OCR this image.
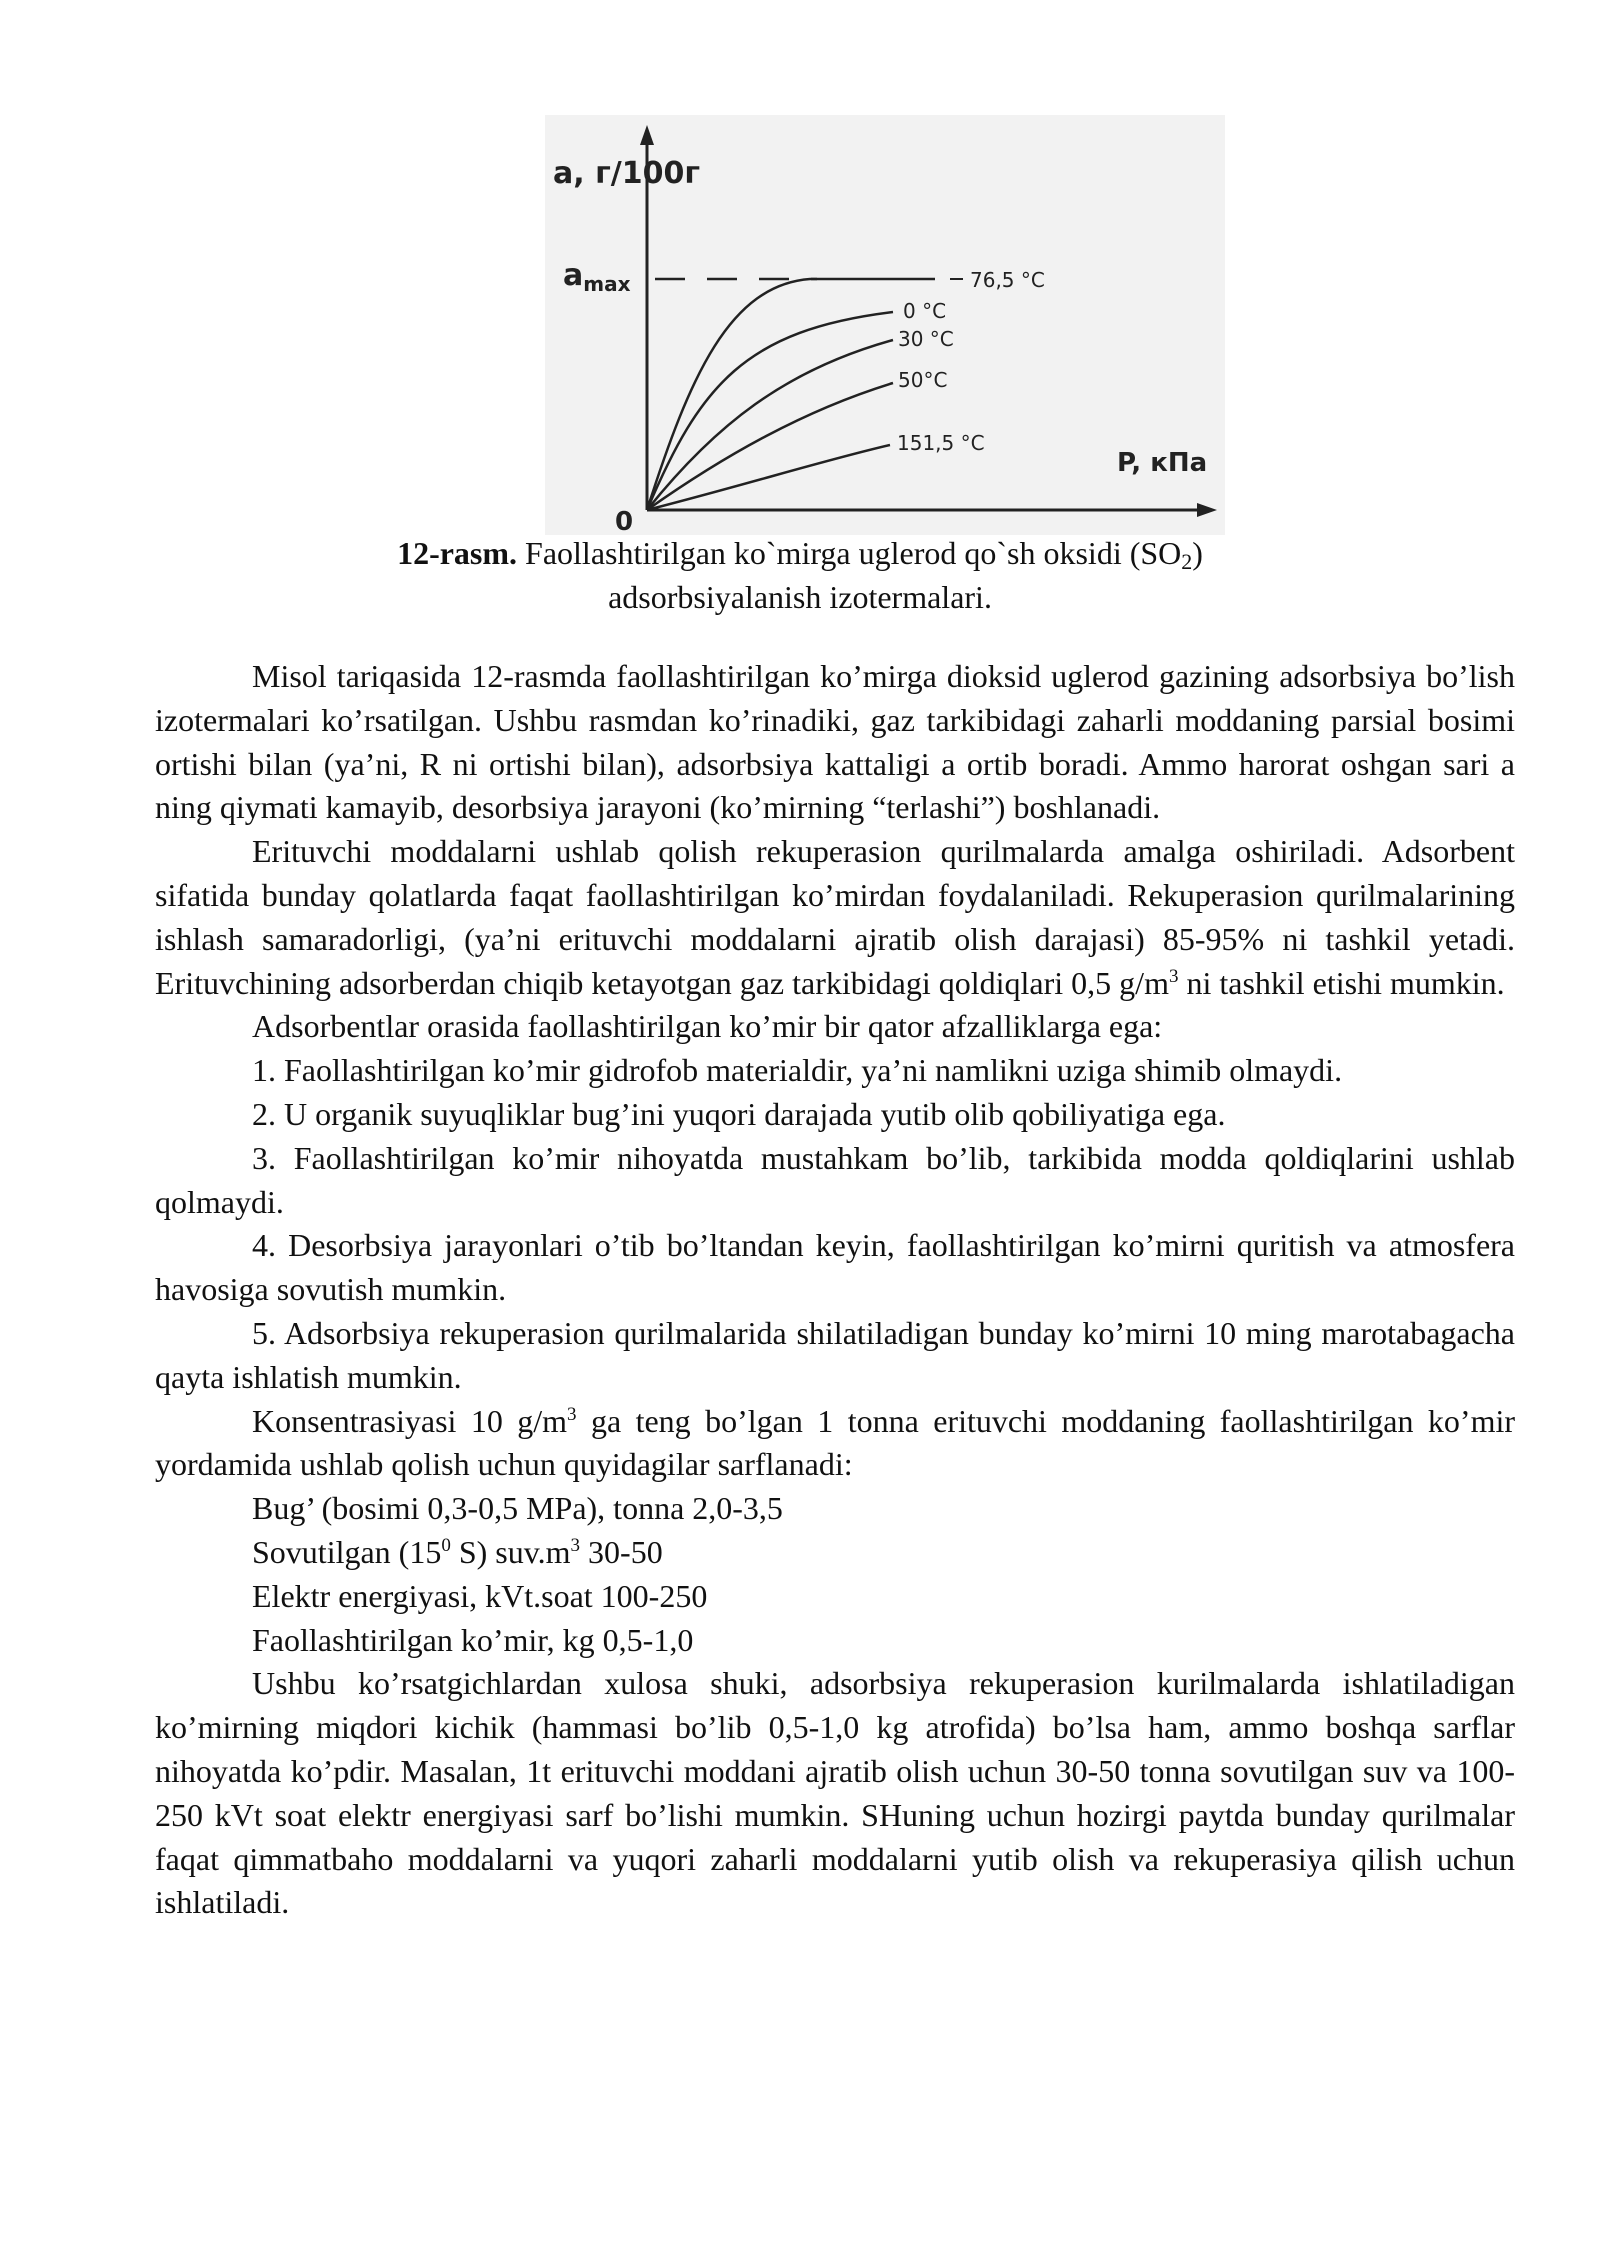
a, г/100г
$a_{max}$
0
P, кПа
76,5 °C
0 °C
30 °C
50°C
151,5 °C
12-rasm. Faollashtirilgan ko`mirga uglerod qo`sh oksidi $(SO_2)$
adsorbsiyalanish izotermalari.

Misol tariqasida 12-rasmda faollashtirilgan ko’mirga dioksid uglerod gazining adsorbsiya bo’lish izotermalari ko’rsatilgan. Ushbu rasmdan ko’rinadiki, gaz tarkibidagi zaharli moddaning parsial bosimi ortishi bilan (ya’ni, R ni ortishi bilan), adsorbsiya kattaligi a ortib boradi. Ammo harorat oshgan sari a ning qiymati kamayib, desorbsiya jarayoni (ko’mirning “terlashi”) boshlanadi.

Erituvchi moddalarni ushlab qolish rekuperasion qurilmalarda amalga oshiriladi. Adsorbent sifatida bunday qolatlarda faqat faollashtirilgan ko’mirdan foydalaniladi. Rekuperasion qurilmalarining ishlash samaradorligi, (ya’ni erituvchi moddalarni ajratib olish darajasi) 85-95% ni tashkil yetadi. Erituvchining adsorberdan chiqib ketayotgan gaz tarkibidagi qoldiqlari 0,5 $g/m^3$ ni tashkil etishi mumkin.

Adsorbentlar orasida faollashtirilgan ko’mir bir qator afzalliklarga ega:

1. Faollashtirilgan ko’mir gidrofob materialdir, ya’ni namlikni uziga shimib olmaydi.

2. U organik suyuqliklar bug’ini yuqori darajada yutib olib qobiliyatiga ega.

3. Faollashtirilgan ko’mir nihoyatda mustahkam bo’lib, tarkibida modda qoldiqlarini ushlab qolmaydi.

4. Desorbsiya jarayonlari o’tib bo’ltandan keyin, faollashtirilgan ko’mirni quritish va atmosfera havosiga sovutish mumkin.

5. Adsorbsiya rekuperasion qurilmalarida shilatiladigan bunday ko’mirni 10 ming marotabagacha qayta ishlatish mumkin.

Konsentrasiyasi 10 $g/m^3$ ga teng bo’lgan 1 tonna erituvchi moddaning faollashtirilgan ko’mir yordamida ushlab qolish uchun quyidagilar sarflanadi:

Bug’ (bosimi 0,3-0,5 MPa), tonna 2,0-3,5

Sovutilgan ($15^0$ S) $suv.m^3$ 30-50

Elektr energiyasi, kVt.soat 100-250

Faollashtirilgan ko’mir, kg 0,5-1,0

Ushbu ko’rsatgichlardan xulosa shuki, adsorbsiya rekuperasion kurilmalarda ishlatiladigan ko’mirning miqdori kichik (hammasi bo’lib 0,5-1,0 kg atrofida) bo’lsa ham, ammo boshqa sarflar nihoyatda ko’pdir. Masalan, 1t erituvchi moddani ajratib olish uchun 30-50 tonna sovutilgan suv va 100-250 kVt soat elektr energiyasi sarf bo’lishi mumkin. SHuning uchun hozirgi paytda bunday qurilmalar faqat qimmatbaho moddalarni va yuqori zaharli moddalarni yutib olish va rekuperasiya qilish uchun ishlatiladi.
